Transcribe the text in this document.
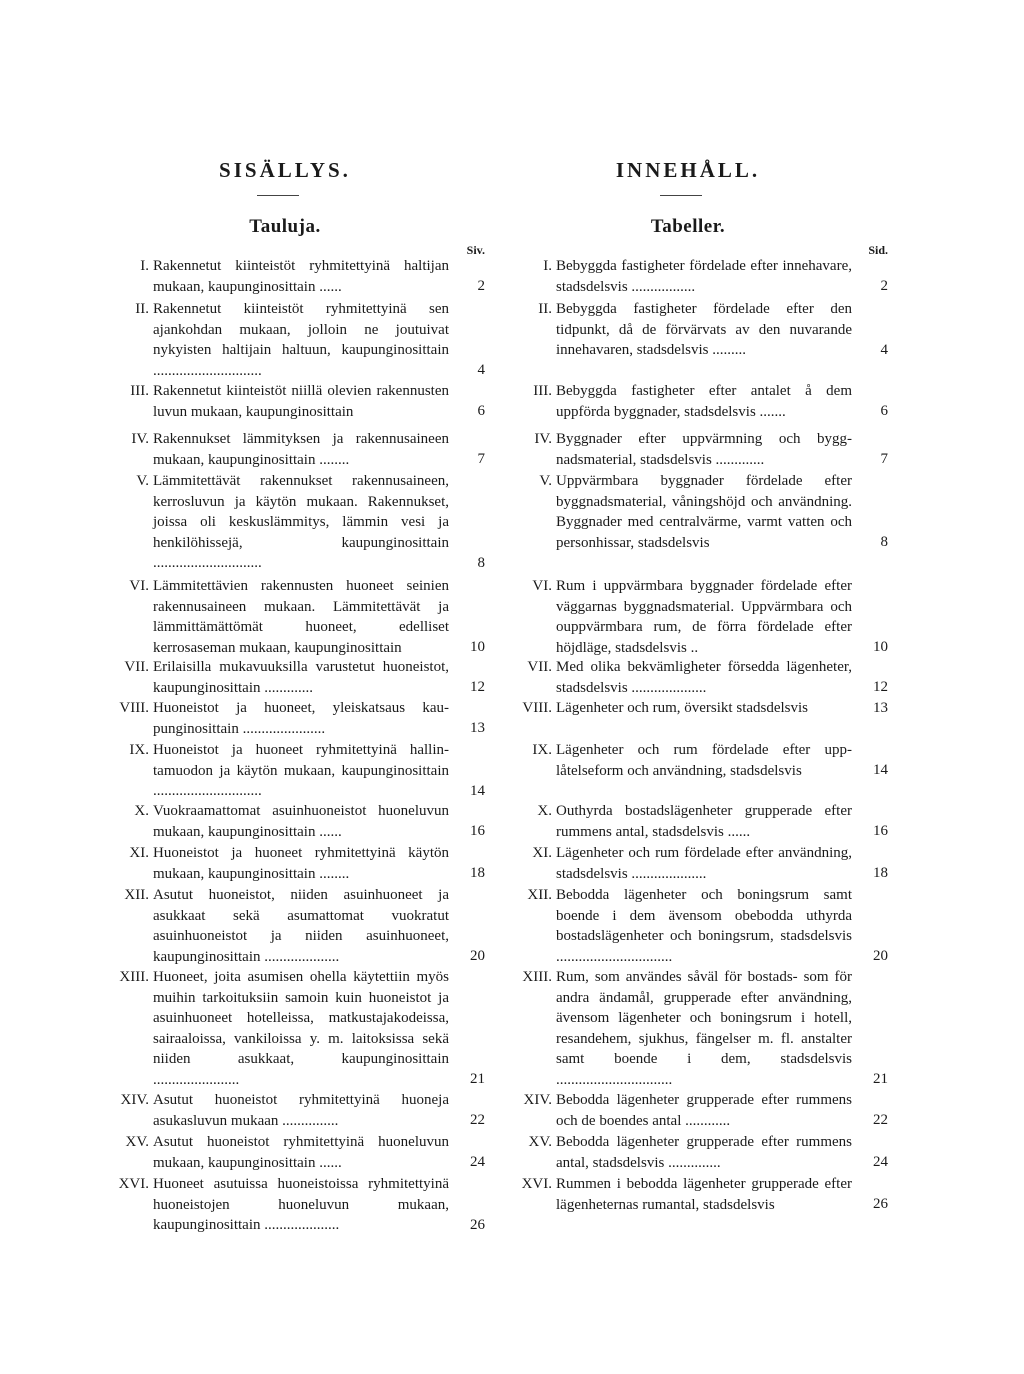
SISÄLLYS.
Tauluja.
Siv.
I. Rakennetut kiinteistöt ryhmitettyinä haltijan mukaan, kaupunginosittain ......	2
II. Rakennetut kiinteistöt ryhmitettyinä sen ajankohdan mukaan, jolloin ne joutuivat nykyisten haltijain haltuun, kaupunginosittain .............................	4
III. Rakennetut kiinteistöt niillä olevien rakennusten luvun mukaan, kaupunginosittain	6
IV. Rakennukset lämmityksen ja rakennusaineen mukaan, kaupunginosittain ........	7
V. Lämmitettävät rakennukset rakennusaineen, kerrosluvun ja käytön mukaan. Rakennukset, joissa oli keskuslämmitys, lämmin vesi ja henkilöhissejä, kaupunginosittain .............................	8
VI. Lämmitettävien rakennusten huoneet seinien rakennusaineen mukaan. Lämmitettävät ja lämmittämättömät huoneet, edelliset kerrosaseman mukaan, kaupunginosittain	10
VII. Erilaisilla mukavuuksilla varustetut huoneistot, kaupunginosittain .............	12
VIII. Huoneistot ja huoneet, yleiskatsaus kaupunginosittain ......................	13
IX. Huoneistot ja huoneet ryhmitettyinä hallintamuodon ja käytön mukaan, kaupunginosittain .............................	14
X. Vuokraamattomat asuinhuoneistot huoneluvun mukaan, kaupunginosittain ......	16
XI. Huoneistot ja huoneet ryhmitettyinä käytön mukaan, kaupunginosittain ........	18
XII. Asutut huoneistot, niiden asuinhuoneet ja asukkaat sekä asumattomat vuokratut asuinhuoneistot ja niiden asuinhuoneet, kaupunginosittain ....................	20
XIII. Huoneet, joita asumisen ohella käytettiin myös muihin tarkoituksiin samoin kuin huoneistot ja asuinhuoneet hotelleissa, matkustajakodeissa, sairaaloissa, vankiloissa y. m. laitoksissa sekä niiden asukkaat, kaupunginosittain .......................	21
XIV. Asutut huoneistot ryhmitettyinä huoneja asukasluvun mukaan ...............	22
XV. Asutut huoneistot ryhmitettyinä huoneluvun mukaan, kaupunginosittain ......	24
XVI. Huoneet asutuissa huoneistoissa ryhmitettyinä huoneistojen huoneluvun mukaan, kaupunginosittain ....................	26
INNEHÅLL.
Tabeller.
Sid.
I. Bebyggda fastigheter fördelade efter innehavare, stadsdelsvis .................	2
II. Bebyggda fastigheter fördelade efter den tidpunkt, då de förvärvats av den nuvarande innehavaren, stadsdelsvis .........	4
III. Bebyggda fastigheter efter antalet å dem uppförda byggnader, stadsdelsvis .......	6
IV. Byggnader efter uppvärmning och byggnadsmaterial, stadsdelsvis .............	7
V. Uppvärmbara byggnader fördelade efter byggnadsmaterial, våningshöjd och användning. Byggnader med centralvärme, varmt vatten och personhissar, stadsdelsvis	8
VI. Rum i uppvärmbara byggnader fördelade efter väggarnas byggnadsmaterial. Uppvärmbara och ouppvärmbara rum, de förra fördelade efter höjdläge, stadsdelsvis ..	10
VII. Med olika bekvämligheter försedda lägenheter, stadsdelsvis ....................	12
VIII. Lägenheter och rum, översikt stadsdelsvis	13
IX. Lägenheter och rum fördelade efter upplåtelseform och användning, stadsdelsvis	14
X. Outhyrda bostadslägenheter grupperade efter rummens antal, stadsdelsvis ......	16
XI. Lägenheter och rum fördelade efter användning, stadsdelsvis ....................	18
XII. Bebodda lägenheter och boningsrum samt boende i dem ävensom obebodda uthyrda bostadslägenheter och boningsrum, stadsdelsvis ...............................	20
XIII. Rum, som användes såväl för bostads- som för andra ändamål, grupperade efter användning, ävensom lägenheter och boningsrum i hotell, resandehem, sjukhus, fängelser m. fl. anstalter samt boende i dem, stadsdelsvis ...............................	21
XIV. Bebodda lägenheter grupperade efter rummens och de boendes antal ............	22
XV. Bebodda lägenheter grupperade efter rummens antal, stadsdelsvis ..............	24
XVI. Rummen i bebodda lägenheter grupperade efter lägenheternas rumantal, stadsdelsvis	26
